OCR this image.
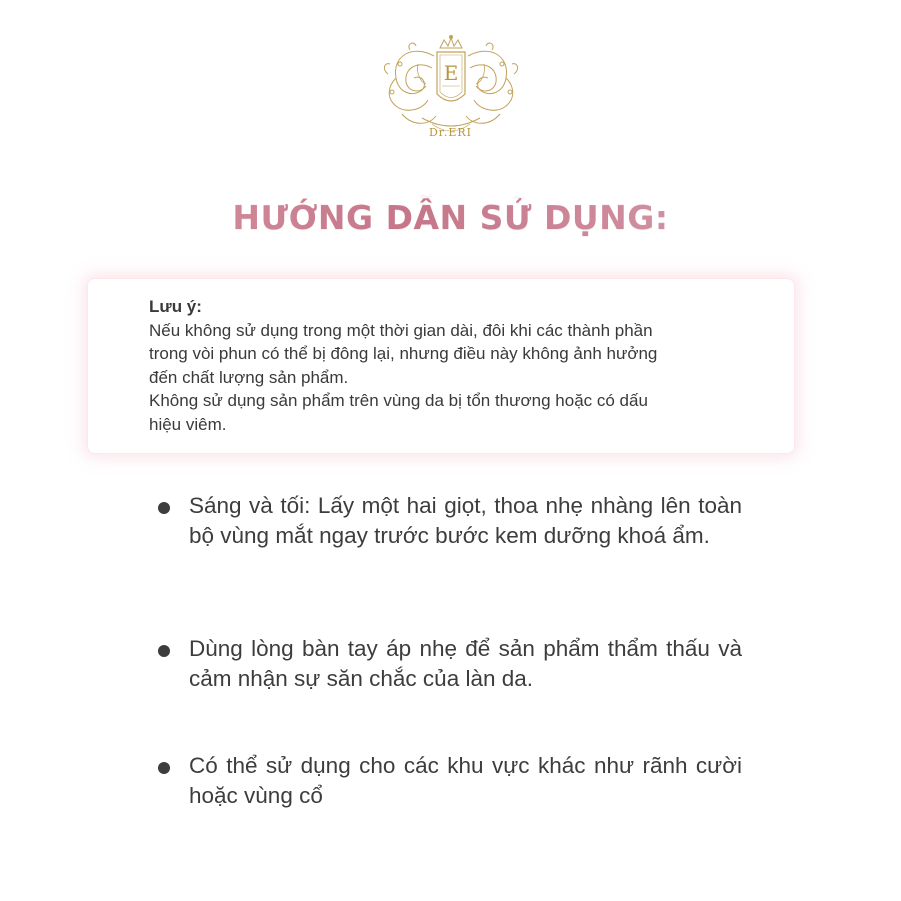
E
Dr.ERI
HƯỚNG DẪN SỬ DỤNG:
Lưu ý:
Nếu không sử dụng trong một thời gian dài, đôi khi các thành phần
trong vòi phun có thể bị đông lại, nhưng điều này không ảnh hưởng
đến chất lượng sản phẩm.
Không sử dụng sản phẩm trên vùng da bị tổn thương hoặc có dấu
hiệu viêm.
Sáng và tối: Lấy một hai giọt, thoa nhẹ nhàng lên toàn bộ vùng mắt ngay trước bước kem dưỡng khoá ẩm.
Dùng lòng bàn tay áp nhẹ để sản phẩm thẩm thấu và cảm nhận sự săn chắc của làn da.
Có thể sử dụng cho các khu vực khác như rãnh cười hoặc vùng cổ
